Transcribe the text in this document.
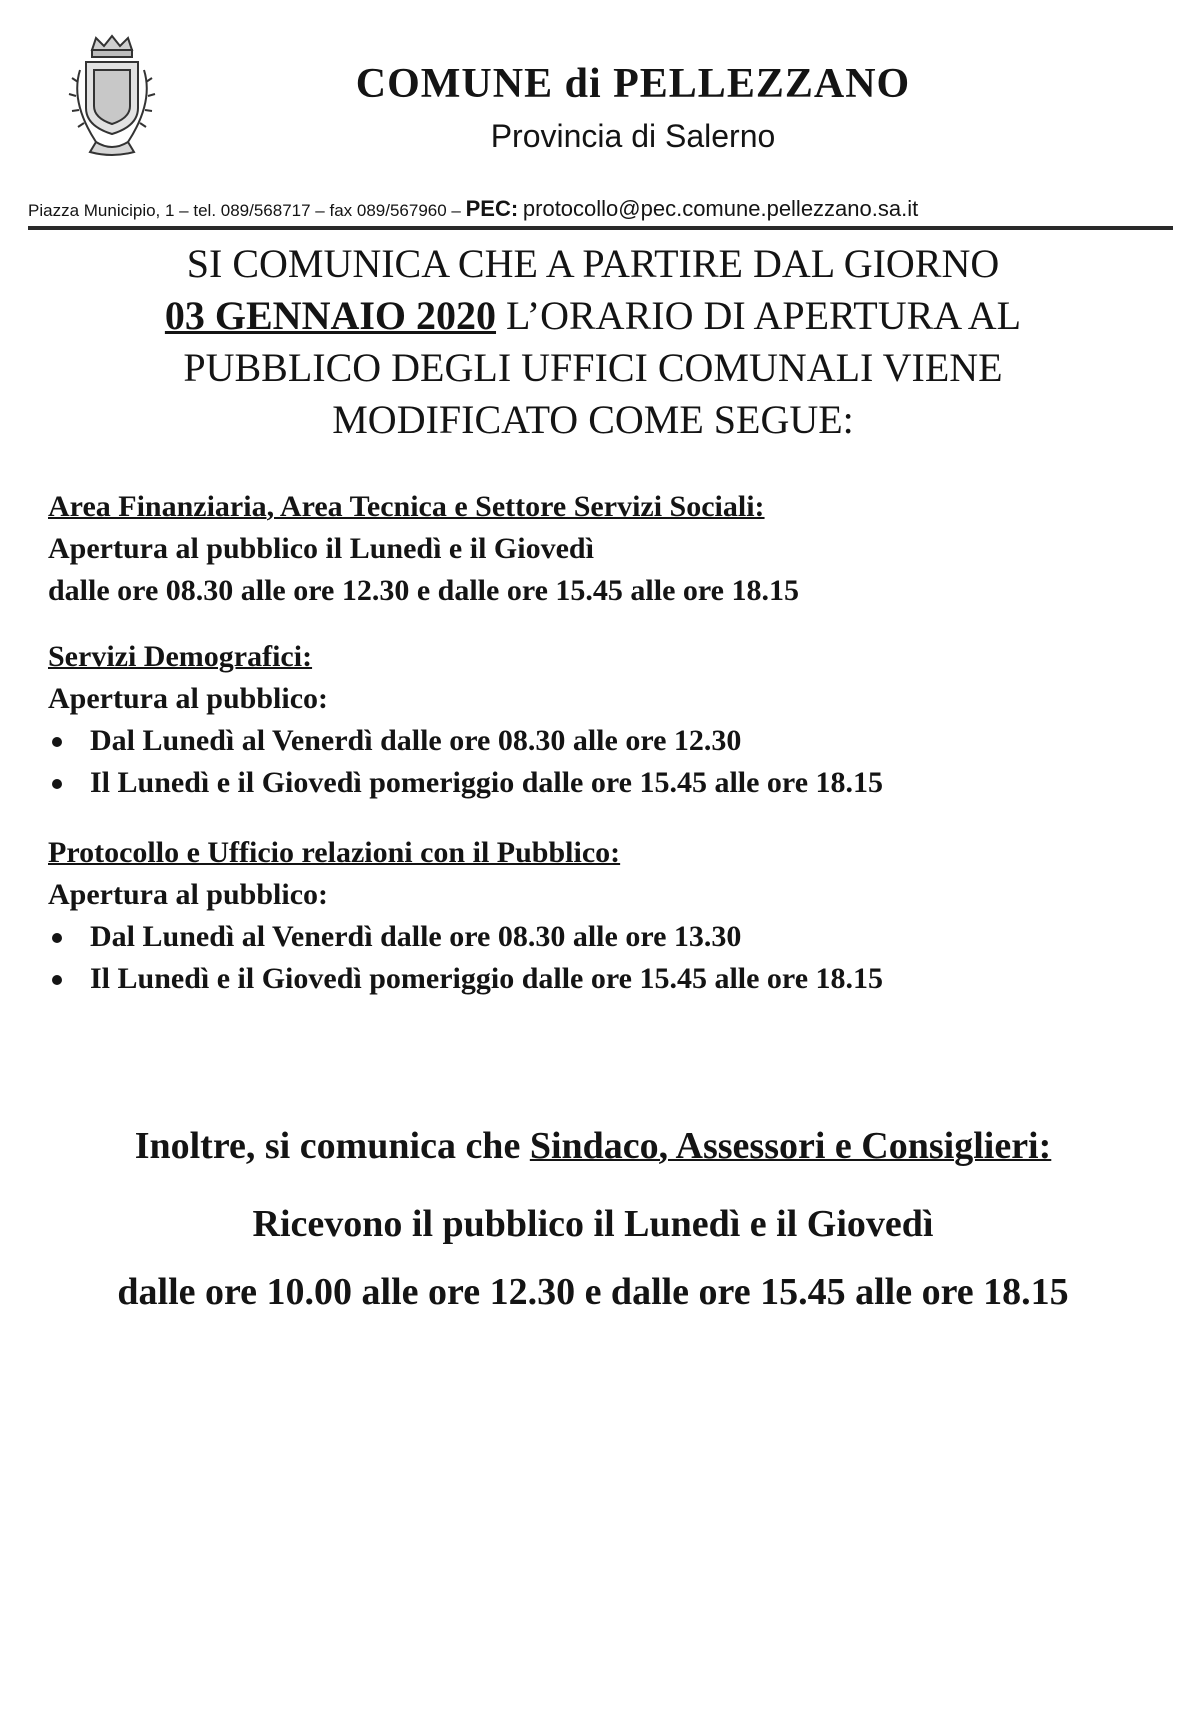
COMUNE di PELLEZZANO
Provincia di Salerno
Piazza Municipio, 1 – tel. 089/568717 – fax 089/567960 – PEC: protocollo@pec.comune.pellezzano.sa.it
SI COMUNICA CHE A PARTIRE DAL GIORNO
03 GENNAIO 2020 L’ORARIO DI APERTURA AL
PUBBLICO DEGLI UFFICI COMUNALI VIENE
MODIFICATO COME SEGUE:
Area Finanziaria, Area Tecnica e Settore Servizi Sociali:
Apertura al pubblico il Lunedì e il Giovedì
dalle ore 08.30 alle ore 12.30 e dalle ore 15.45 alle ore 18.15
Servizi Demografici:
Apertura al pubblico:
Dal Lunedì al Venerdì dalle ore 08.30 alle ore 12.30
Il Lunedì e il Giovedì pomeriggio dalle ore 15.45 alle ore 18.15
Protocollo e Ufficio relazioni con il Pubblico:
Apertura al pubblico:
Dal Lunedì al Venerdì dalle ore 08.30 alle ore 13.30
Il Lunedì e il Giovedì pomeriggio dalle ore 15.45 alle ore 18.15
Inoltre, si comunica che Sindaco, Assessori e Consiglieri:
Ricevono il pubblico il Lunedì e il Giovedì
dalle ore 10.00 alle ore 12.30 e dalle ore 15.45 alle ore 18.15
